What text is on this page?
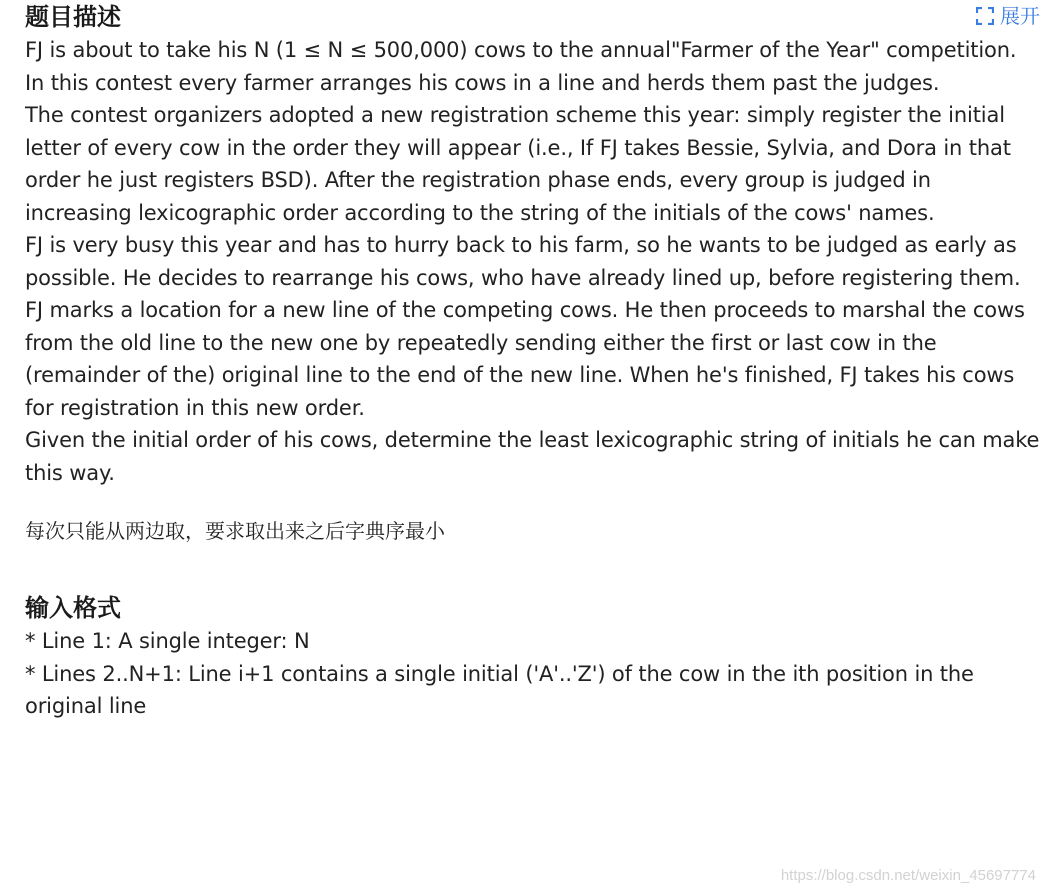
题目描述	展开

FJ is about to take his N (1 ≤ N ≤ 500,000) cows to the annual"Farmer of the Year" competition. In this contest every farmer arranges his cows in a line and herds them past the judges.

The contest organizers adopted a new registration scheme this year: simply register the initial letter of every cow in the order they will appear (i.e., If FJ takes Bessie, Sylvia, and Dora in that order he just registers BSD). After the registration phase ends, every group is judged in increasing lexicographic order according to the string of the initials of the cows' names.

FJ is very busy this year and has to hurry back to his farm, so he wants to be judged as early as possible. He decides to rearrange his cows, who have already lined up, before registering them.

FJ marks a location for a new line of the competing cows. He then proceeds to marshal the cows from the old line to the new one by repeatedly sending either the first or last cow in the (remainder of the) original line to the end of the new line. When he's finished, FJ takes his cows for registration in this new order.

Given the initial order of his cows, determine the least lexicographic string of initials he can make this way.

每次只能从两边取，要求取出来之后字典序最小

输入格式

* Line 1: A single integer: N

* Lines 2..N+1: Line i+1 contains a single initial ('A'..'Z') of the cow in the ith position in the original line

https://blog.csdn.net/weixin_45697774
